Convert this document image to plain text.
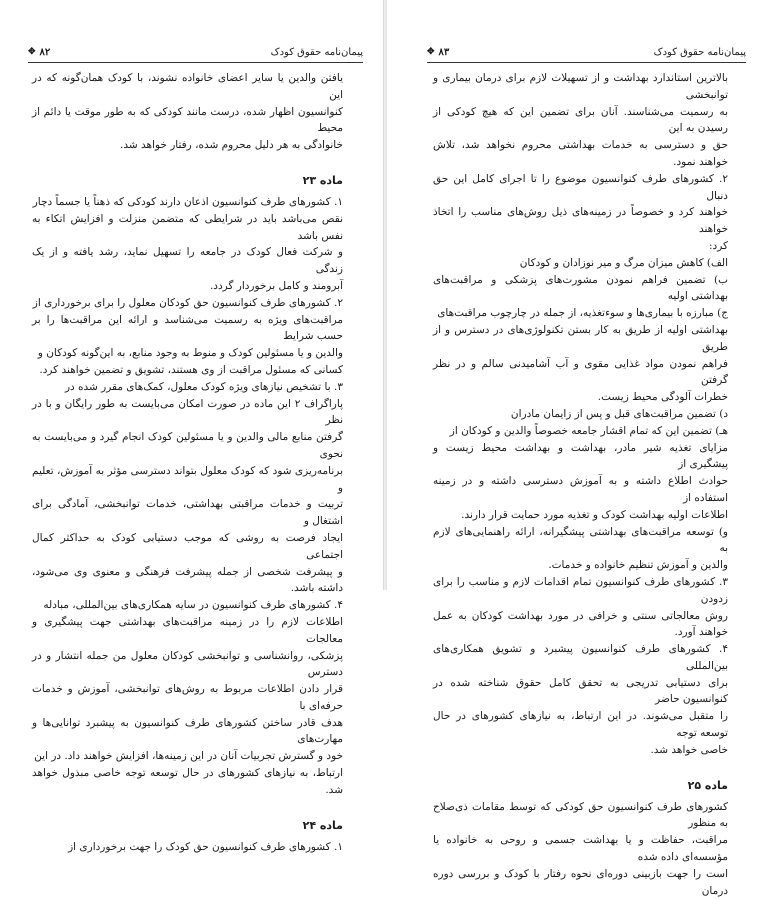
✥ ۸۲	پیمان‌نامه حقوق کودک

یافتن والدین یا سایر اعضای خانواده نشوند، با کودک همان‌گونه که در این

کنوانسیون اظهار شده، درست مانند کودکی که به طور موقت یا دائم از محیط

خانوادگی به هر دلیل محروم شده، رفتار خواهد شد.

ماده ۲۳

۱. کشورهای طرف کنوانسیون اذعان دارند کودکی که ذهناً یا جسماً دچار

نقص می‌باشد باید در شرایطی که متضمن منزلت و افزایش اتکاء به نفس باشد

و شرکت فعال کودک در جامعه را تسهیل نماید، رشد یافته و از یک زندگی

آبرومند و کامل برخوردار گردد.

۲. کشورهای طرف کنوانسیون حق کودکان معلول را برای برخورداری از

مراقبت‌های ویژه به رسمیت می‌شناسد و ارائه این مراقبت‌ها را بر حسب شرایط

والدین و یا مسئولین کودک و منوط به وجود منابع، به این‌گونه کودکان و

کسانی که مسئول مراقبت از وی هستند، تشویق و تضمین خواهند کرد.

۳. با تشخیص نیازهای ویژه کودک معلول، کمک‌های مقرر شده در

پاراگراف ۲ این ماده در صورت امکان می‌بایست به طور رایگان و با در نظر

گرفتن منابع مالی والدین و یا مسئولین کودک انجام گیرد و می‌بایست به نحوی

برنامه‌ریزی شود که کودک معلول بتواند دسترسی مؤثر به آموزش، تعلیم و

تربیت و خدمات مراقبتی بهداشتی، خدمات توانبخشی، آمادگی برای اشتغال و

ایجاد فرصت به روشی که موجب دستیابی کودک به حداکثر کمال اجتماعی

و پیشرفت شخصی از جمله پیشرفت فرهنگی و معنوی وی می‌شود، داشته باشد.

۴. کشورهای طرف کنوانسیون در سایه همکاری‌های بین‌المللی، مبادله

اطلاعات لازم را در زمینه مراقبت‌های بهداشتی جهت پیشگیری و معالجات

پزشکی، روانشناسی و توانبخشی کودکان معلول من جمله انتشار و در دسترس

قرار دادن اطلاعات مربوط به روش‌های توانبخشی، آموزش و خدمات حرفه‌ای با

هدف قادر ساختن کشورهای طرف کنوانسیون به پیشبرد توانایی‌ها و مهارت‌های

خود و گسترش تجربیات آنان در این زمینه‌ها، افزایش خواهند داد. در این

ارتباط، به نیازهای کشورهای در حال توسعه توجه خاصی مبذول خواهد شد.

ماده ۲۴

۱. کشورهای طرف کنوانسیون حق کودک را جهت برخورداری از

✥ ۸۳	پیمان‌نامه حقوق کودک

بالاترین استاندارد بهداشت و از تسهیلات لازم برای درمان بیماری و توانبخشی

به رسمیت می‌شناسند. آنان برای تضمین این که هیچ کودکی از رسیدن به این

حق و دسترسی به خدمات بهداشتی محروم نخواهد شد، تلاش خواهند نمود.

۲. کشورهای طرف کنوانسیون موضوع را تا اجرای کامل این حق دنبال

خواهند کرد و خصوصاً در زمینه‌های ذیل روش‌های مناسب را اتخاذ خواهند

کرد:

الف) کاهش میزان مرگ و میر نوزادان و کودکان

ب) تضمین فراهم نمودن مشورت‌های پزشکی و مراقبت‌های بهداشتی اولیه

ج) مبارزه با بیماری‌ها و سوءتغذیه، از جمله در چارچوب مراقبت‌های

بهداشتی اولیه از طریق به کار بستن تکنولوژی‌های در دسترس و از طریق

فراهم نمودن مواد غذایی مقوی و آب آشامیدنی سالم و در نظر گرفتن

خطرات آلودگی محیط زیست.

د) تضمین مراقبت‌های قبل و پس از زایمان مادران

هـ) تضمین این که تمام اقشار جامعه خصوصاً والدین و کودکان از

مزایای تغذیه شیر مادر، بهداشت و بهداشت محیط زیست و پیشگیری از

حوادث اطلاع داشته و به آموزش دسترسی داشته و در زمینه استفاده از

اطلاعات اولیه بهداشت کودک و تغذیه مورد حمایت قرار دارند.

و) توسعه مراقبت‌های بهداشتی پیشگیرانه، ارائه راهنمایی‌های لازم به

والدین و آموزش تنظیم خانواده و خدمات.

۳. کشورهای طرف کنوانسیون تمام اقدامات لازم و مناسب را برای زدودن

روش معالجاتی سنتی و خرافی در مورد بهداشت کودکان به عمل خواهند آورد.

۴. کشورهای طرف کنوانسیون پیشبرد و تشویق همکاری‌های بین‌المللی

برای دستیابی تدریجی به تحقق کامل حقوق شناخته شده در کنوانسیون حاضر

را متقبل می‌شوند. در این ارتباط، به نیازهای کشورهای در حال توسعه توجه

خاصی خواهد شد.

ماده ۲۵

کشورهای طرف کنوانسیون حق کودکی که توسط مقامات ذی‌صلاح به منظور

مراقبت، حفاظت و یا بهداشت جسمی و روحی به خانواده یا مؤسسه‌ای داده شده

است را جهت بازبینی دوره‌ای نحوه رفتار با کودک و بررسی دوره درمان
